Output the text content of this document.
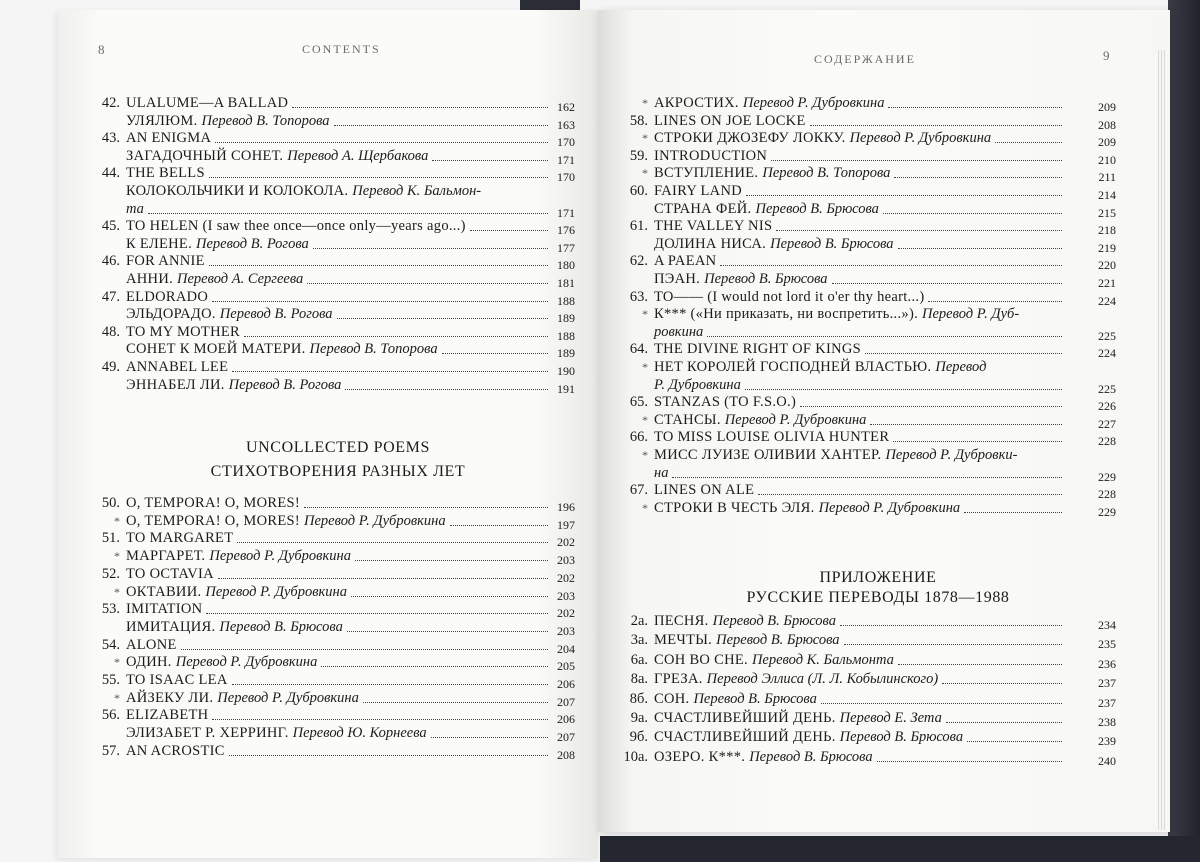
8	CONTENTS
42. ULALUME—A BALLAD	162
УЛЯЛЮМ. Перевод В. Топорова	163
43. AN ENIGMA	170
ЗАГАДОЧНЫЙ СОНЕТ. Перевод А. Щербакова	171
44. THE BELLS	170
КОЛОКОЛЬЧИКИ И КОЛОКОЛА. Перевод К. Бальмон-
та	171
45. TO HELEN (I saw thee once—once only—years ago...)	176
К ЕЛЕНЕ. Перевод В. Рогова	177
46. FOR ANNIE	180
АННИ. Перевод А. Сергеева	181
47. ELDORADO	188
ЭЛЬДОРАДО. Перевод В. Рогова	189
48. TO MY MOTHER	188
СОНЕТ К МОЕЙ МАТЕРИ. Перевод В. Топорова	189
49. ANNABEL LEE	190
ЭННАБЕЛ ЛИ. Перевод В. Рогова	191
UNCOLLECTED POEMS
СТИХОТВОРЕНИЯ РАЗНЫХ ЛЕТ
50. O, TEMPORA! O, MORES!	196
* O, TEMPORA! O, MORES! Перевод Р. Дубровкина	197
51. TO MARGARET	202
* МАРГАРЕТ. Перевод Р. Дубровкина	203
52. TO OCTAVIA	202
* ОКТАВИИ. Перевод Р. Дубровкина	203
53. IMITATION	202
ИМИТАЦИЯ. Перевод В. Брюсова	203
54. ALONE	204
* ОДИН. Перевод Р. Дубровкина	205
55. TO ISAAC LEA	206
* АЙЗЕКУ ЛИ. Перевод Р. Дубровкина	207
56. ELIZABETH	206
ЭЛИЗАБЕТ Р. ХЕРРИНГ. Перевод Ю. Корнеева	207
57. AN ACROSTIC	208
СОДЕРЖАНИЕ	9
* АКРОСТИХ. Перевод Р. Дубровкина	209
58. LINES ON JOE LOCKE	208
* СТРОКИ ДЖОЗЕФУ ЛОККУ. Перевод Р. Дубровкина	209
59. INTRODUCTION	210
* ВСТУПЛЕНИЕ. Перевод В. Топорова	211
60. FAIRY LAND	214
СТРАНА ФЕЙ. Перевод В. Брюсова	215
61. THE VALLEY NIS	218
ДОЛИНА НИСА. Перевод В. Брюсова	219
62. A PAEAN	220
ПЭАН. Перевод В. Брюсова	221
63. TO—— (I would not lord it o'er thy heart...)	224
* К*** («Ни приказать, ни воспретить...»). Перевод Р. Дуб-
ровкина	225
64. THE DIVINE RIGHT OF KINGS	224
* НЕТ КОРОЛЕЙ ГОСПОДНЕЙ ВЛАСТЬЮ. Перевод
Р. Дубровкина	225
65. STANZAS (TO F.S.O.)	226
* СТАНСЫ. Перевод Р. Дубровкина	227
66. TO MISS LOUISE OLIVIA HUNTER	228
* МИСС ЛУИЗЕ ОЛИВИИ ХАНТЕР. Перевод Р. Дубровки-
на	229
67. LINES ON ALE	228
* СТРОКИ В ЧЕСТЬ ЭЛЯ. Перевод Р. Дубровкина	229
ПРИЛОЖЕНИЕ
РУССКИЕ ПЕРЕВОДЫ 1878—1988
2а. ПЕСНЯ. Перевод В. Брюсова	234
3а. МЕЧТЫ. Перевод В. Брюсова	235
6а. СОН ВО СНЕ. Перевод К. Бальмонта	236
8а. ГРЕЗА. Перевод Эллиса (Л. Л. Кобылинского)	237
8б. СОН. Перевод В. Брюсова	237
9а. СЧАСТЛИВЕЙШИЙ ДЕНЬ. Перевод Е. Зета	238
9б. СЧАСТЛИВЕЙШИЙ ДЕНЬ. Перевод В. Брюсова	239
10а. ОЗЕРО. К***. Перевод В. Брюсова	240
